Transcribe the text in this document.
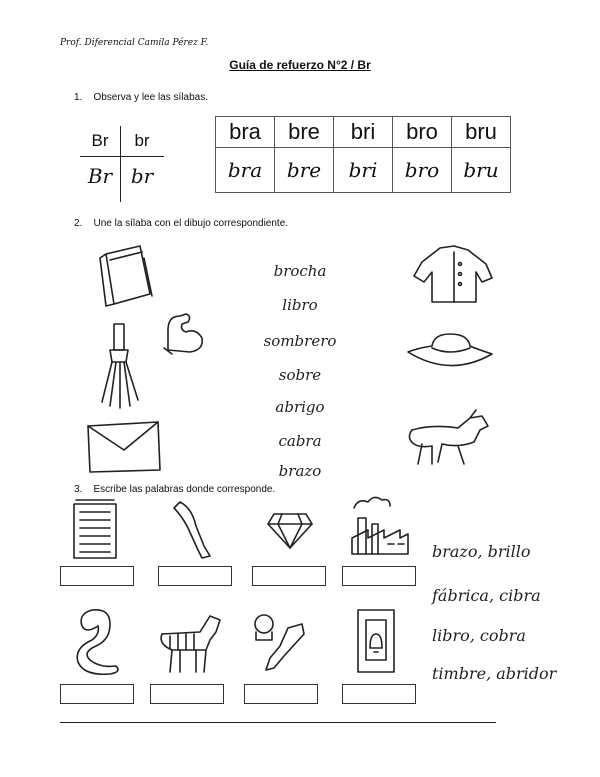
Prof. Diferencial Camila Pérez F.
Guía de refuerzo N°2 / Br
1. Observa y lee las sílabas.
Br	br
Br br
bra	bre	bri	bro	bru
bra	bre	bri	bro	bru
2. Une la sílaba con el dibujo correspondiente.
brocha
libro
sombrero
sobre
abrigo
cabra
brazo
3. Escribe las palabras donde corresponde.
brazo, brillo
fábrica, cibra
libro, cobra
timbre, abridor
